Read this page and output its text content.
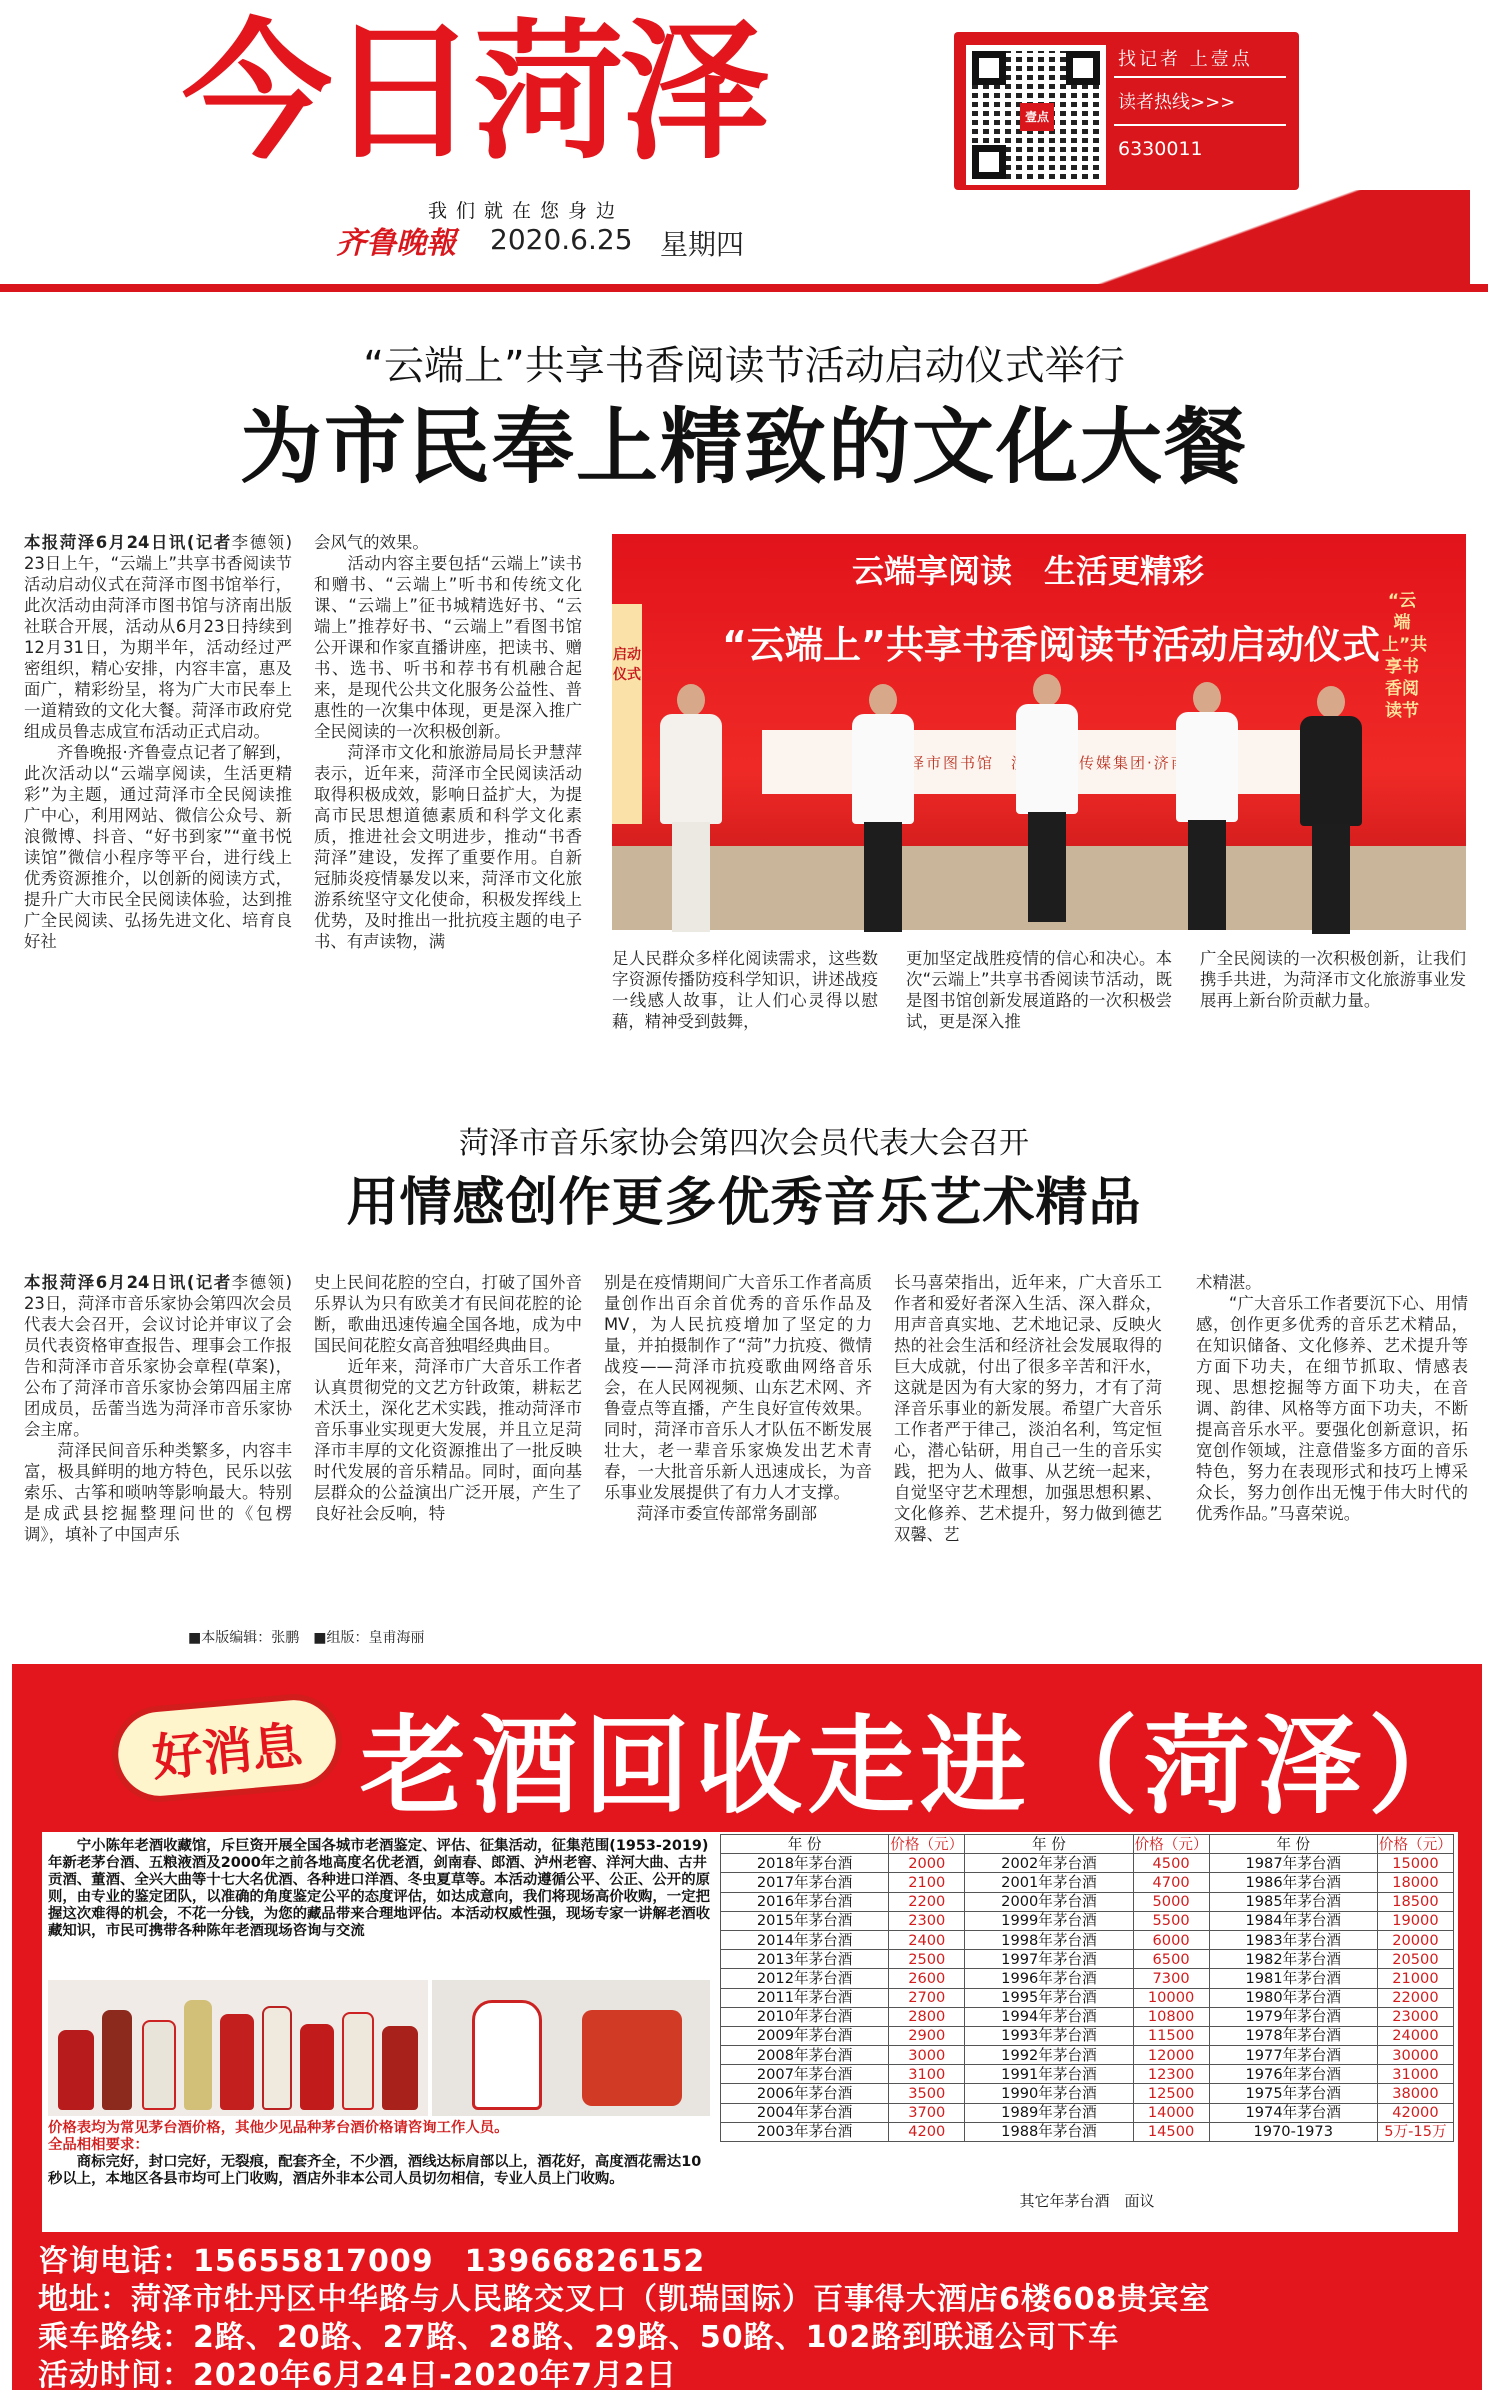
今日菏泽
我们就在您身边
齐鲁晚報 2020.6.25 星期四
壹点
找记者 上壹点
读者热线>>>
6330011
“云端上”共享书香阅读节活动启动仪式举行
为市民奉上精致的文化大餐
本报菏泽6月24日讯(记者李德领)　23日上午，“云端上”共享书香阅读节活动启动仪式在菏泽市图书馆举行，此次活动由菏泽市图书馆与济南出版社联合开展，活动从6月23日持续到12月31日，为期半年，活动经过严密组织，精心安排，内容丰富，惠及面广，精彩纷呈，将为广大市民奉上一道精致的文化大餐。菏泽市政府党组成员鲁志成宣布活动正式启动。
　　齐鲁晚报·齐鲁壹点记者了解到，此次活动以“云端享阅读，生活更精彩”为主题，通过菏泽市全民阅读推广中心，利用网站、微信公众号、新浪微博、抖音、“好书到家”“童书悦读馆”微信小程序等平台，进行线上优秀资源推介，以创新的阅读方式，提升广大市民全民阅读体验，达到推广全民阅读、弘扬先进文化、培育良好社
会风气的效果。
　　活动内容主要包括“云端上”读书和赠书、“云端上”听书和传统文化课、“云端上”征书城精选好书、“云端上”推荐好书、“云端上”看图书馆公开课和作家直播讲座，把读书、赠书、选书、听书和荐书有机融合起来，是现代公共文化服务公益性、普惠性的一次集中体现，更是深入推广全民阅读的一次积极创新。
　　菏泽市文化和旅游局局长尹慧萍表示，近年来，菏泽市全民阅读活动取得积极成效，影响日益扩大，为提高市民思想道德素质和科学文化素质，推进社会文明进步，推动“书香菏泽”建设，发挥了重要作用。自新冠肺炎疫情暴发以来，菏泽市文化旅游系统坚守文化使命，积极发挥线上优势，及时推出一批抗疫主题的电子书、有声读物，满
云端享阅读　生活更精彩
“云端上”共享书香阅读节活动启动仪式
“云端上”共享书香阅读节
启动仪式
菏泽市图书馆　济南出版传媒集团·济南出版社
足人民群众多样化阅读需求，这些数字资源传播防疫科学知识，讲述战疫一线感人故事，让人们心灵得以慰藉，精神受到鼓舞，
更加坚定战胜疫情的信心和决心。本次“云端上”共享书香阅读节活动，既是图书馆创新发展道路的一次积极尝试，更是深入推
广全民阅读的一次积极创新，让我们携手共进，为菏泽市文化旅游事业发展再上新台阶贡献力量。
菏泽市音乐家协会第四次会员代表大会召开
用情感创作更多优秀音乐艺术精品
本报菏泽6月24日讯(记者李德领)　23日，菏泽市音乐家协会第四次会员代表大会召开，会议讨论并审议了会员代表资格审查报告、理事会工作报告和菏泽市音乐家协会章程(草案)，公布了菏泽市音乐家协会第四届主席团成员，岳蕾当选为菏泽市音乐家协会主席。
　　菏泽民间音乐种类繁多，内容丰富，极具鲜明的地方特色，民乐以弦索乐、古筝和唢呐等影响最大。特别是成武县挖掘整理问世的《包楞调》，填补了中国声乐
史上民间花腔的空白，打破了国外音乐界认为只有欧美才有民间花腔的论断，歌曲迅速传遍全国各地，成为中国民间花腔女高音独唱经典曲目。
　　近年来，菏泽市广大音乐工作者认真贯彻党的文艺方针政策，耕耘艺术沃土，深化艺术实践，推动菏泽市音乐事业实现更大发展，并且立足菏泽市丰厚的文化资源推出了一批反映时代发展的音乐精品。同时，面向基层群众的公益演出广泛开展，产生了良好社会反响，特
别是在疫情期间广大音乐工作者高质量创作出百余首优秀的音乐作品及MV，为人民抗疫增加了坚定的力量，并拍摄制作了“菏”力抗疫、微情战疫——菏泽市抗疫歌曲网络音乐会，在人民网视频、山东艺术网、齐鲁壹点等直播，产生良好宣传效果。同时，菏泽市音乐人才队伍不断发展壮大，老一辈音乐家焕发出艺术青春，一大批音乐新人迅速成长，为音乐事业发展提供了有力人才支撑。
　　菏泽市委宣传部常务副部
长马喜荣指出，近年来，广大音乐工作者和爱好者深入生活、深入群众，用声音真实地、艺术地记录、反映火热的社会生活和经济社会发展取得的巨大成就，付出了很多辛苦和汗水，这就是因为有大家的努力，才有了菏泽音乐事业的新发展。希望广大音乐工作者严于律己，淡泊名利，笃定恒心，潜心钻研，用自己一生的音乐实践，把为人、做事、从艺统一起来，自觉坚守艺术理想，加强思想积累、文化修养、艺术提升，努力做到德艺双馨、艺
术精湛。
　　“广大音乐工作者要沉下心、用情感，创作更多优秀的音乐艺术精品，在知识储备、文化修养、艺术提升等方面下功夫，在细节抓取、情感表现、思想挖掘等方面下功夫，在音调、韵律、风格等方面下功夫，不断提高音乐水平。要强化创新意识，拓宽创作领域，注意借鉴多方面的音乐特色，努力在表现形式和技巧上博采众长，努力创作出无愧于伟大时代的优秀作品。”马喜荣说。
■本版编辑：张鹏　■组版：皇甫海丽
好消息 老酒回收走进（菏泽）
　　宁小陈年老酒收藏馆，斥巨资开展全国各城市老酒鉴定、评估、征集活动，征集范围(1953-2019)年新老茅台酒、五粮液酒及2000年之前各地高度名优老酒，剑南春、郎酒、泸州老窖、洋河大曲、古井贡酒、董酒、全兴大曲等十七大名优酒、各种进口洋酒、冬虫夏草等。本活动遵循公平、公正、公开的原则，由专业的鉴定团队，以准确的角度鉴定公平的态度评估，如达成意向，我们将现场高价收购，一定把握这次难得的机会，不花一分钱，为您的藏品带来合理地评估。本活动权威性强，现场专家一讲解老酒收藏知识，市民可携带各种陈年老酒现场咨询与交流
价格表均为常见茅台酒价格，其他少见品种茅台酒价格请咨询工作人员。
全品相相要求：
　　商标完好，封口完好，无裂痕，配套齐全，不少酒，酒线达标肩部以上，酒花好，高度酒花需达10秒以上，本地区各县市均可上门收购，酒店外非本公司人员切勿相信，专业人员上门收购。
年 份	价格（元）	年 份	价格（元）	年 份	价格（元）
2018年茅台酒	2000	2002年茅台酒	4500	1987年茅台酒	15000
2017年茅台酒	2100	2001年茅台酒	4700	1986年茅台酒	18000
2016年茅台酒	2200	2000年茅台酒	5000	1985年茅台酒	18500
2015年茅台酒	2300	1999年茅台酒	5500	1984年茅台酒	19000
2014年茅台酒	2400	1998年茅台酒	6000	1983年茅台酒	20000
2013年茅台酒	2500	1997年茅台酒	6500	1982年茅台酒	20500
2012年茅台酒	2600	1996年茅台酒	7300	1981年茅台酒	21000
2011年茅台酒	2700	1995年茅台酒	10000	1980年茅台酒	22000
2010年茅台酒	2800	1994年茅台酒	10800	1979年茅台酒	23000
2009年茅台酒	2900	1993年茅台酒	11500	1978年茅台酒	24000
2008年茅台酒	3000	1992年茅台酒	12000	1977年茅台酒	30000
2007年茅台酒	3100	1991年茅台酒	12300	1976年茅台酒	31000
2006年茅台酒	3500	1990年茅台酒	12500	1975年茅台酒	38000
2004年茅台酒	3700	1989年茅台酒	14000	1974年茅台酒	42000
2003年茅台酒	4200	1988年茅台酒	14500	1970-1973	5万-15万
其它年茅台酒　面议
咨询电话：15655817009　13966826152
地址：菏泽市牡丹区中华路与人民路交叉口（凯瑞国际）百事得大酒店6楼608贵宾室
乘车路线：2路、20路、27路、28路、29路、50路、102路到联通公司下车
活动时间：2020年6月24日-2020年7月2日
